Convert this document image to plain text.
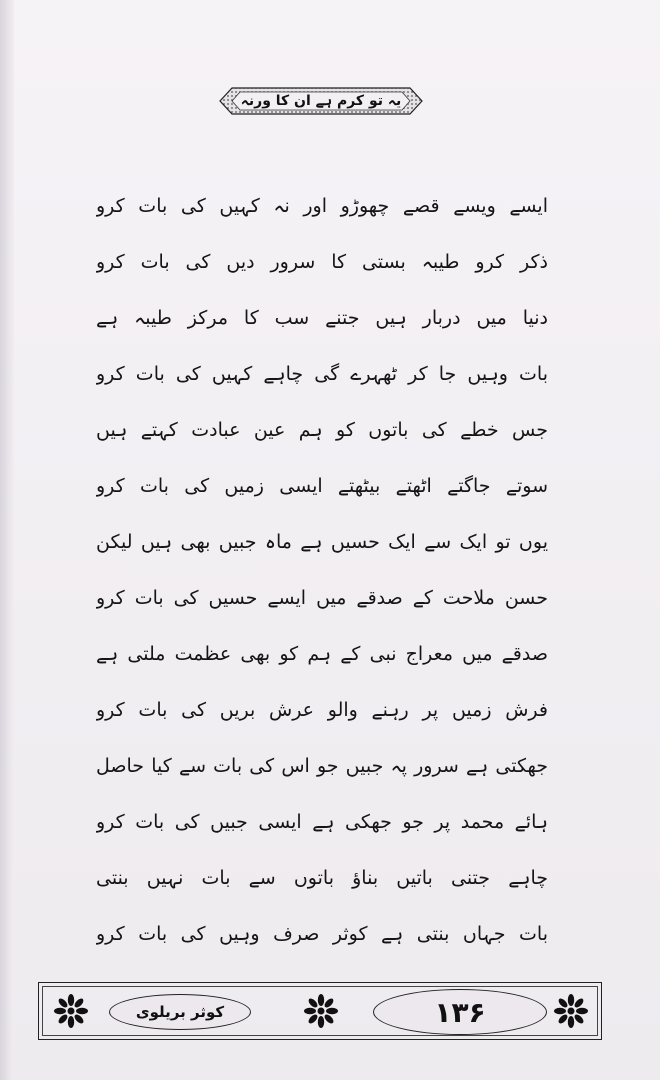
یہ تو کرم ہے ان کا ورنہ
ایسے ویسے قصے چھوڑو اور نہ کہیں کی بات کرو
ذکر کرو طیبہ بستی کا سرور دیں کی بات کرو
دنیا میں دربار ہیں جتنے سب کا مرکز طیبہ ہے
بات وہیں جا کر ٹھہرے گی چاہے کہیں کی بات کرو
جس خطے کی باتوں کو ہم عین عبادت کہتے ہیں
سوتے جاگتے اٹھتے بیٹھتے ایسی زمیں کی بات کرو
یوں تو ایک سے ایک حسیں ہے ماہ جبیں بھی ہیں لیکن
حسن ملاحت کے صدقے میں ایسے حسیں کی بات کرو
صدقے میں معراج نبی کے ہم کو بھی عظمت ملتی ہے
فرش زمیں پر رہنے والو عرش بریں کی بات کرو
جھکتی ہے سرور پہ جبیں جو اس کی بات سے کیا حاصل
ہائے محمد پر جو جھکی ہے ایسی جبیں کی بات کرو
چاہے جتنی باتیں بناؤ باتوں سے بات نہیں بنتی
بات جہاں بنتی ہے کوثر صرف وہیں کی بات کرو
کوثر بریلوی	۱۳۶
